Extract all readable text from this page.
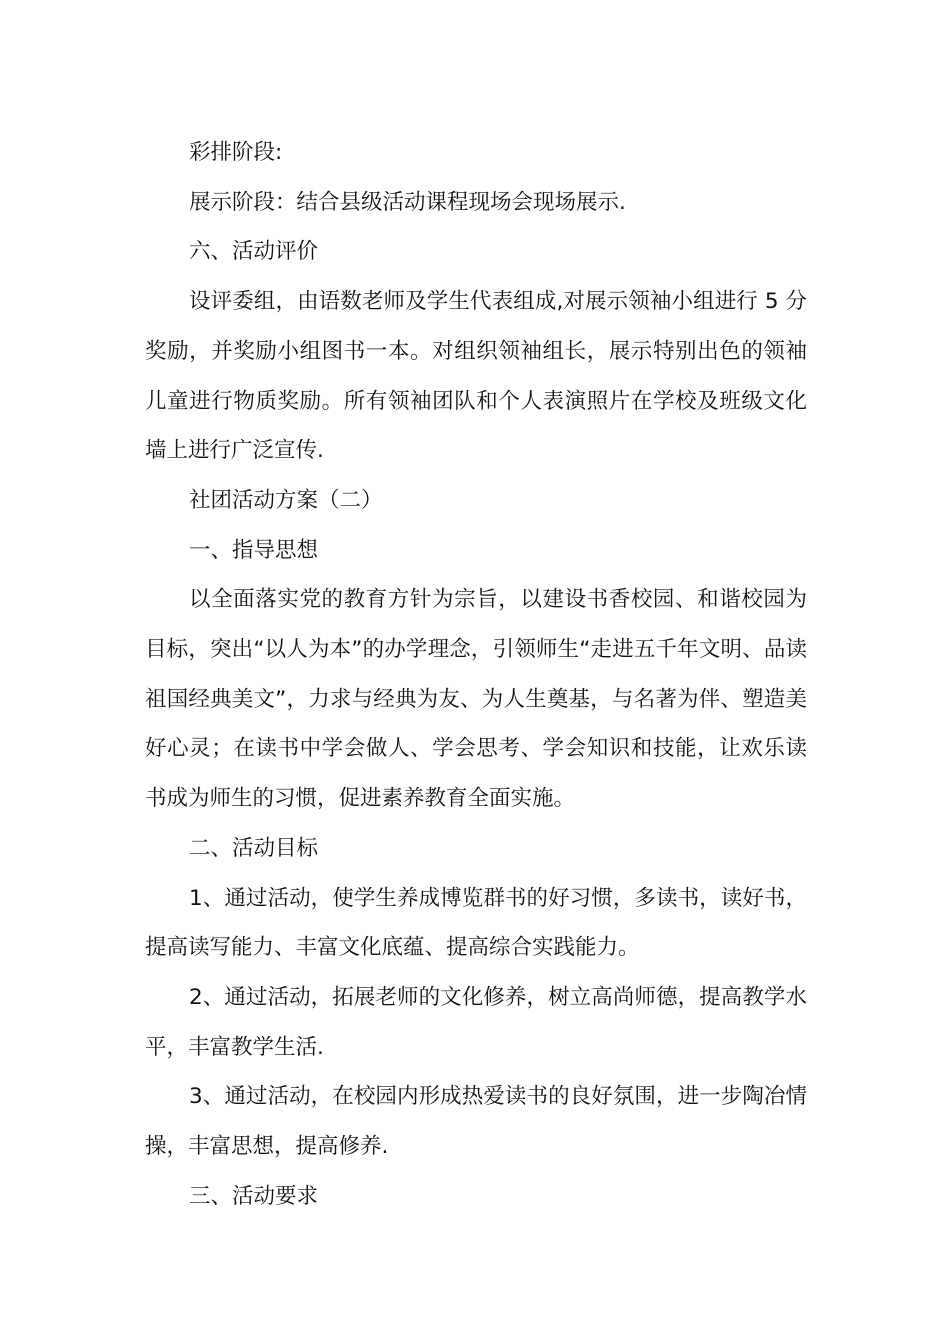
彩排阶段:

展示阶段：结合县级活动课程现场会现场展示.

六、活动评价

设评委组，由语数老师及学生代表组成,对展示领袖小组进行 5 分奖励，并奖励小组图书一本。对组织领袖组长，展示特别出色的领袖儿童进行物质奖励。所有领袖团队和个人表演照片在学校及班级文化墙上进行广泛宣传.

社团活动方案（二）

一、指导思想

以全面落实党的教育方针为宗旨，以建设书香校园、和谐校园为目标，突出“以人为本”的办学理念，引领师生“走进五千年文明、品读祖国经典美文”，力求与经典为友、为人生奠基，与名著为伴、塑造美好心灵；在读书中学会做人、学会思考、学会知识和技能，让欢乐读书成为师生的习惯，促进素养教育全面实施。

二、活动目标

1、通过活动，使学生养成博览群书的好习惯，多读书，读好书，提高读写能力、丰富文化底蕴、提高综合实践能力。

2、通过活动，拓展老师的文化修养，树立高尚师德，提高教学水平，丰富教学生活.

3、通过活动，在校园内形成热爱读书的良好氛围，进一步陶冶情操，丰富思想，提高修养.

三、活动要求
